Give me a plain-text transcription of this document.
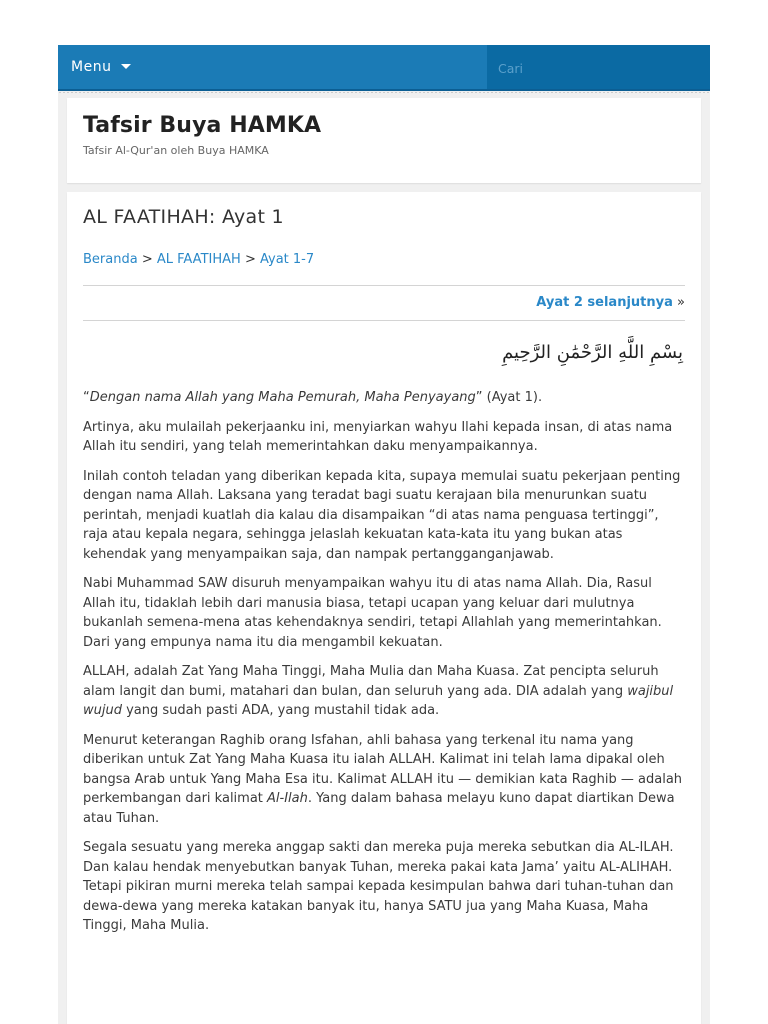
Menu
Cari
Tafsir Buya HAMKA
Tafsir Al-Qur'an oleh Buya HAMKA
AL FAATIHAH: Ayat 1
Beranda > AL FAATIHAH > Ayat 1-7
Ayat 2 selanjutnya »
بِسْمِ اللَّهِ الرَّحْمَٰنِ الرَّحِيمِ

“Dengan nama Allah yang Maha Pemurah, Maha Penyayang” (Ayat 1).

Artinya, aku mulailah pekerjaanku ini, menyiarkan wahyu Ilahi kepada insan, di atas nama Allah itu sendiri, yang telah memerintahkan daku menyampaikannya.

Inilah contoh teladan yang diberikan kepada kita, supaya memulai suatu pekerjaan penting dengan nama Allah. Laksana yang teradat bagi suatu kerajaan bila menurunkan suatu perintah, menjadi kuatlah dia kalau dia disampaikan “di atas nama penguasa tertinggi”, raja atau kepala negara, sehingga jelaslah kekuatan kata-kata itu yang bukan atas kehendak yang menyampaikan saja, dan nampak pertangganganjawab.

Nabi Muhammad SAW disuruh menyampaikan wahyu itu di atas nama Allah. Dia, Rasul Allah itu, tidaklah lebih dari manusia biasa, tetapi ucapan yang keluar dari mulutnya bukanlah semena-mena atas kehendaknya sendiri, tetapi Allahlah yang memerintahkan. Dari yang empunya nama itu dia mengambil kekuatan.

ALLAH, adalah Zat Yang Maha Tinggi, Maha Mulia dan Maha Kuasa. Zat pencipta seluruh alam langit dan bumi, matahari dan bulan, dan seluruh yang ada. DIA adalah yang wajibul wujud yang sudah pasti ADA, yang mustahil tidak ada.

Menurut keterangan Raghib orang Isfahan, ahli bahasa yang terkenal itu nama yang diberikan untuk Zat Yang Maha Kuasa itu ialah ALLAH. Kalimat ini telah lama dipakal oleh bangsa Arab untuk Yang Maha Esa itu. Kalimat ALLAH itu — demikian kata Raghib — adalah perkembangan dari kalimat Al-Ilah. Yang dalam bahasa melayu kuno dapat diartikan Dewa atau Tuhan.

Segala sesuatu yang mereka anggap sakti dan mereka puja mereka sebutkan dia AL-ILAH. Dan kalau hendak menyebutkan banyak Tuhan, mereka pakai kata Jama’ yaitu AL-ALIHAH. Tetapi pikiran murni mereka telah sampai kepada kesimpulan bahwa dari tuhan-tuhan dan dewa-dewa yang mereka katakan banyak itu, hanya SATU jua yang Maha Kuasa, Maha Tinggi, Maha Mulia.
